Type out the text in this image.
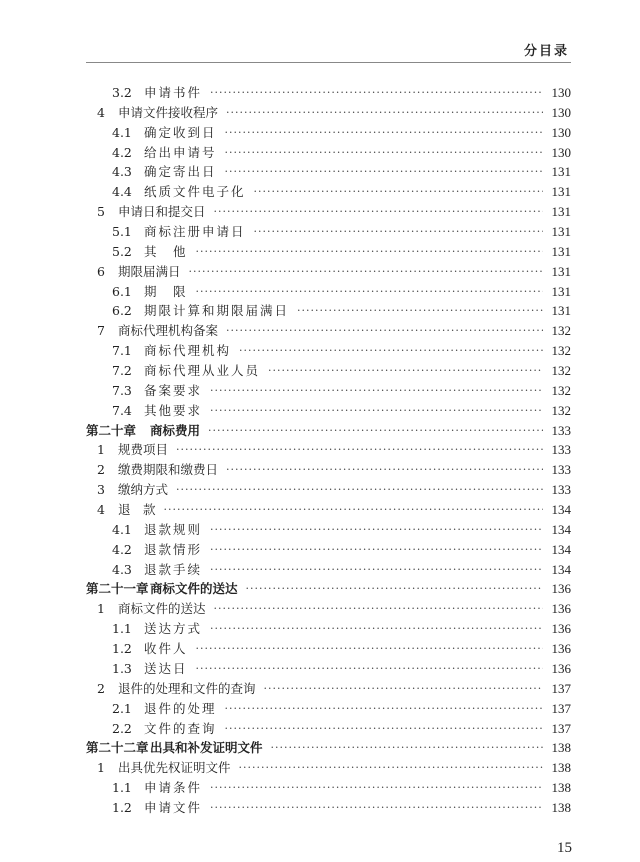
分目录
3.2 申请书件 ·····	130
4	申请文件接收程序 ·····	130
4.1 确定收到日 ·····	130
4.2 给出申请号 ·····	130
4.3 确定寄出日 ·····	131
4.4 纸质文件电子化 ·····	131
5	申请日和提交日 ·····	131
5.1 商标注册申请日 ·····	131
5.2 其　他 ·····	131
6	期限届满日 ·····	131
6.1 期　限 ·····	131
6.2 期限计算和期限届满日 ·····	131
7	商标代理机构备案 ·····	132
7.1 商标代理机构 ·····	132
7.2 商标代理从业人员 ·····	132
7.3 备案要求 ·····	132
7.4 其他要求 ·····	132
第二十章	商标费用 ·····	133
1	规费项目 ·····	133
2	缴费期限和缴费日 ·····	133
3	缴纳方式 ·····	133
4	退　款 ·····	134
4.1 退款规则 ·····	134
4.2 退款情形 ·····	134
4.3 退款手续 ·····	134
第二十一章 商标文件的送达 ·····	136
1	商标文件的送达 ·····	136
1.1 送达方式 ·····	136
1.2 收件人 ·····	136
1.3 送达日 ·····	136
2	退件的处理和文件的查询 ·····	137
2.1 退件的处理 ·····	137
2.2 文件的查询 ·····	137
第二十二章 出具和补发证明文件 ·····	138
1	出具优先权证明文件 ·····	138
1.1 申请条件 ·····	138
1.2 申请文件 ·····	138
15
